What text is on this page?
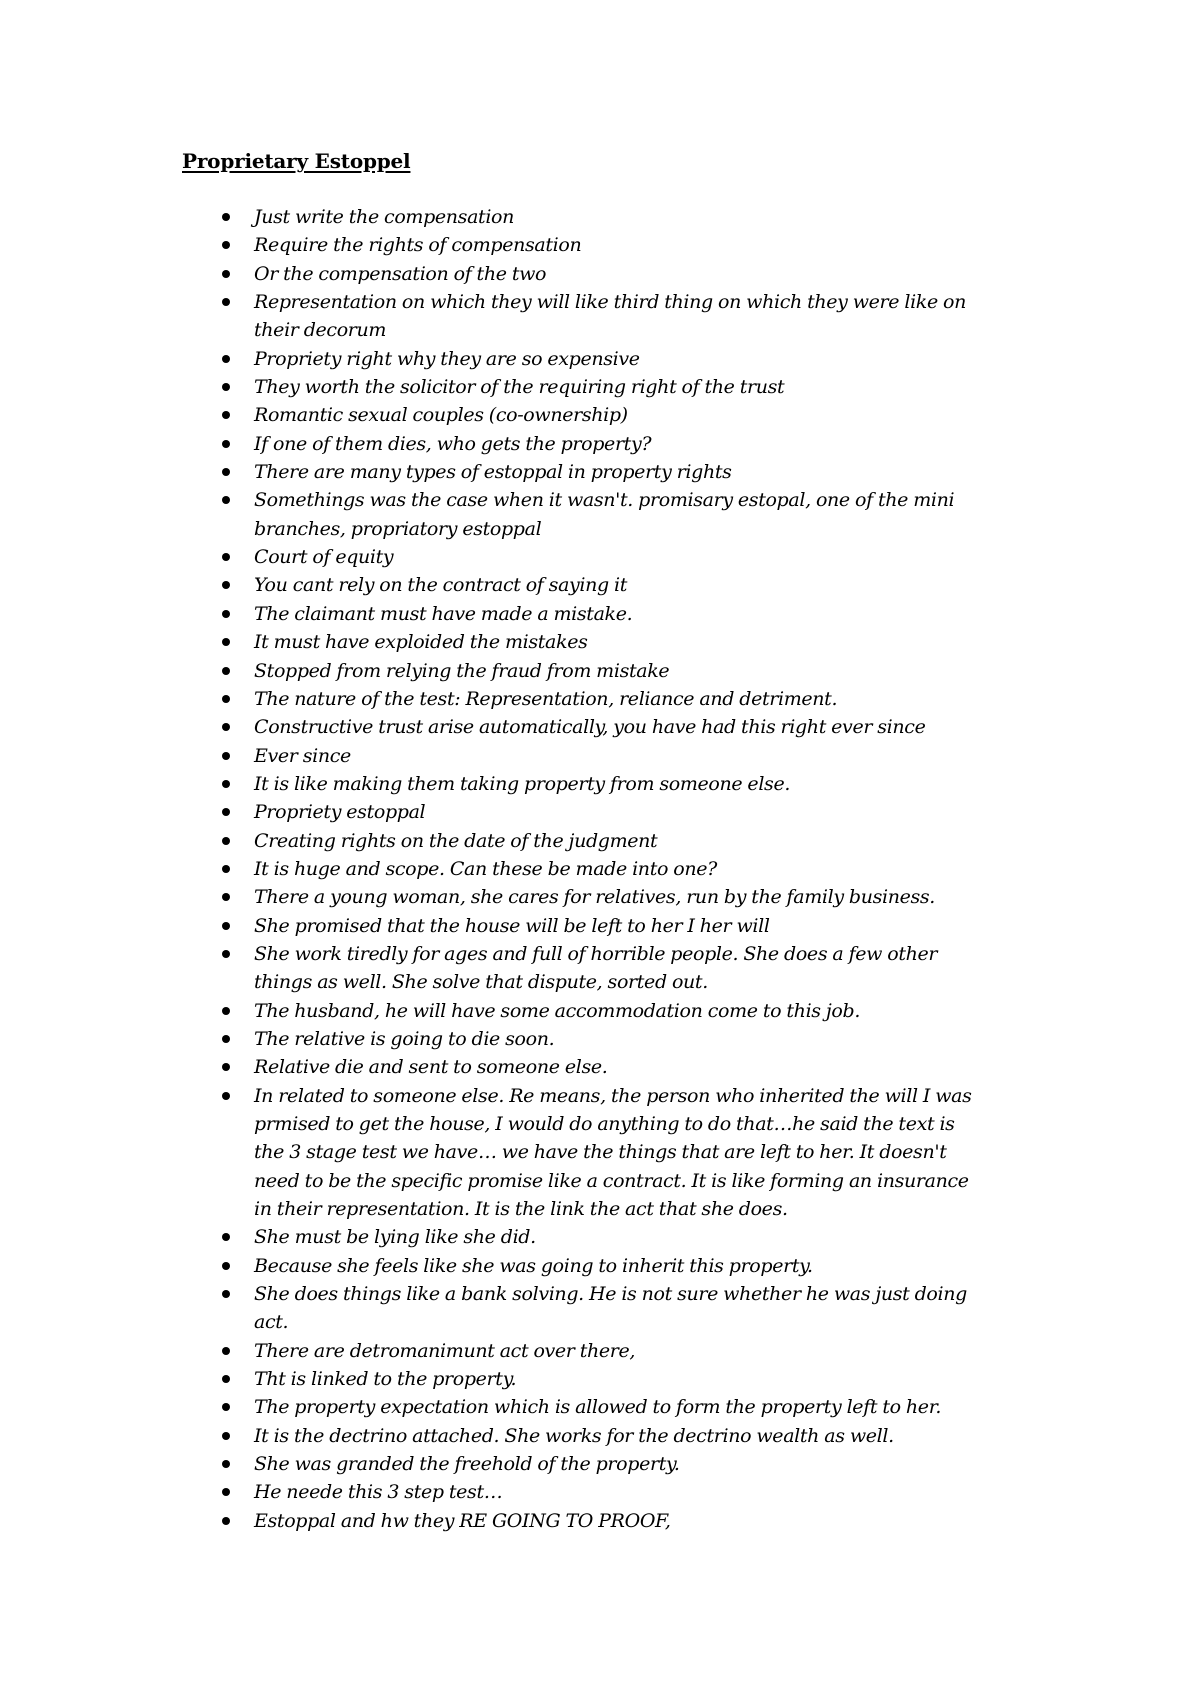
Proprietary Estoppel
Just write the compensation
Require the rights of compensation
Or the compensation of the two
Representation on which they will like third thing on which they were like on
their decorum
Propriety right why they are so expensive
They worth the solicitor of the requiring right of the trust
Romantic sexual couples (co-ownership)
If one of them dies, who gets the property?
There are many types of estoppal in property rights
Somethings was the case when it wasn't. promisary estopal, one of the mini
branches, propriatory estoppal
Court of equity
You cant rely on the contract of saying it
The claimant must have made a mistake.
It must have exploided the mistakes
Stopped from relying the fraud from mistake
The nature of the test: Representation, reliance and detriment.
Constructive trust arise automatically, you have had this right ever since
Ever since
It is like making them taking property from someone else.
Propriety estoppal
Creating rights on the date of the judgment
It is huge and scope. Can these be made into one?
There a young woman, she cares for relatives, run by the family business.
She promised that the house will be left to her I her will
She work tiredly for ages and full of horrible people. She does a few other
things as well. She solve that dispute, sorted out.
The husband, he will have some accommodation come to this job.
The relative is going to die soon.
Relative die and sent to someone else.
In related to someone else. Re means, the person who inherited the will I was
prmised to get the house, I would do anything to do that…he said the text is
the 3 stage test we have… we have the things that are left to her. It doesn't
need to be the specific promise like a contract. It is like forming an insurance
in their representation. It is the link the act that she does.
She must be lying like she did.
Because she feels like she was going to inherit this property.
She does things like a bank solving. He is not sure whether he was just doing
act.
There are detromanimunt act over there,
Tht is linked to the property.
The property expectation which is allowed to form the property left to her.
It is the dectrino attached. She works for the dectrino wealth as well.
She was granded the freehold of the property.
He neede this 3 step test…
Estoppal and hw they RE GOING TO PROOF,
